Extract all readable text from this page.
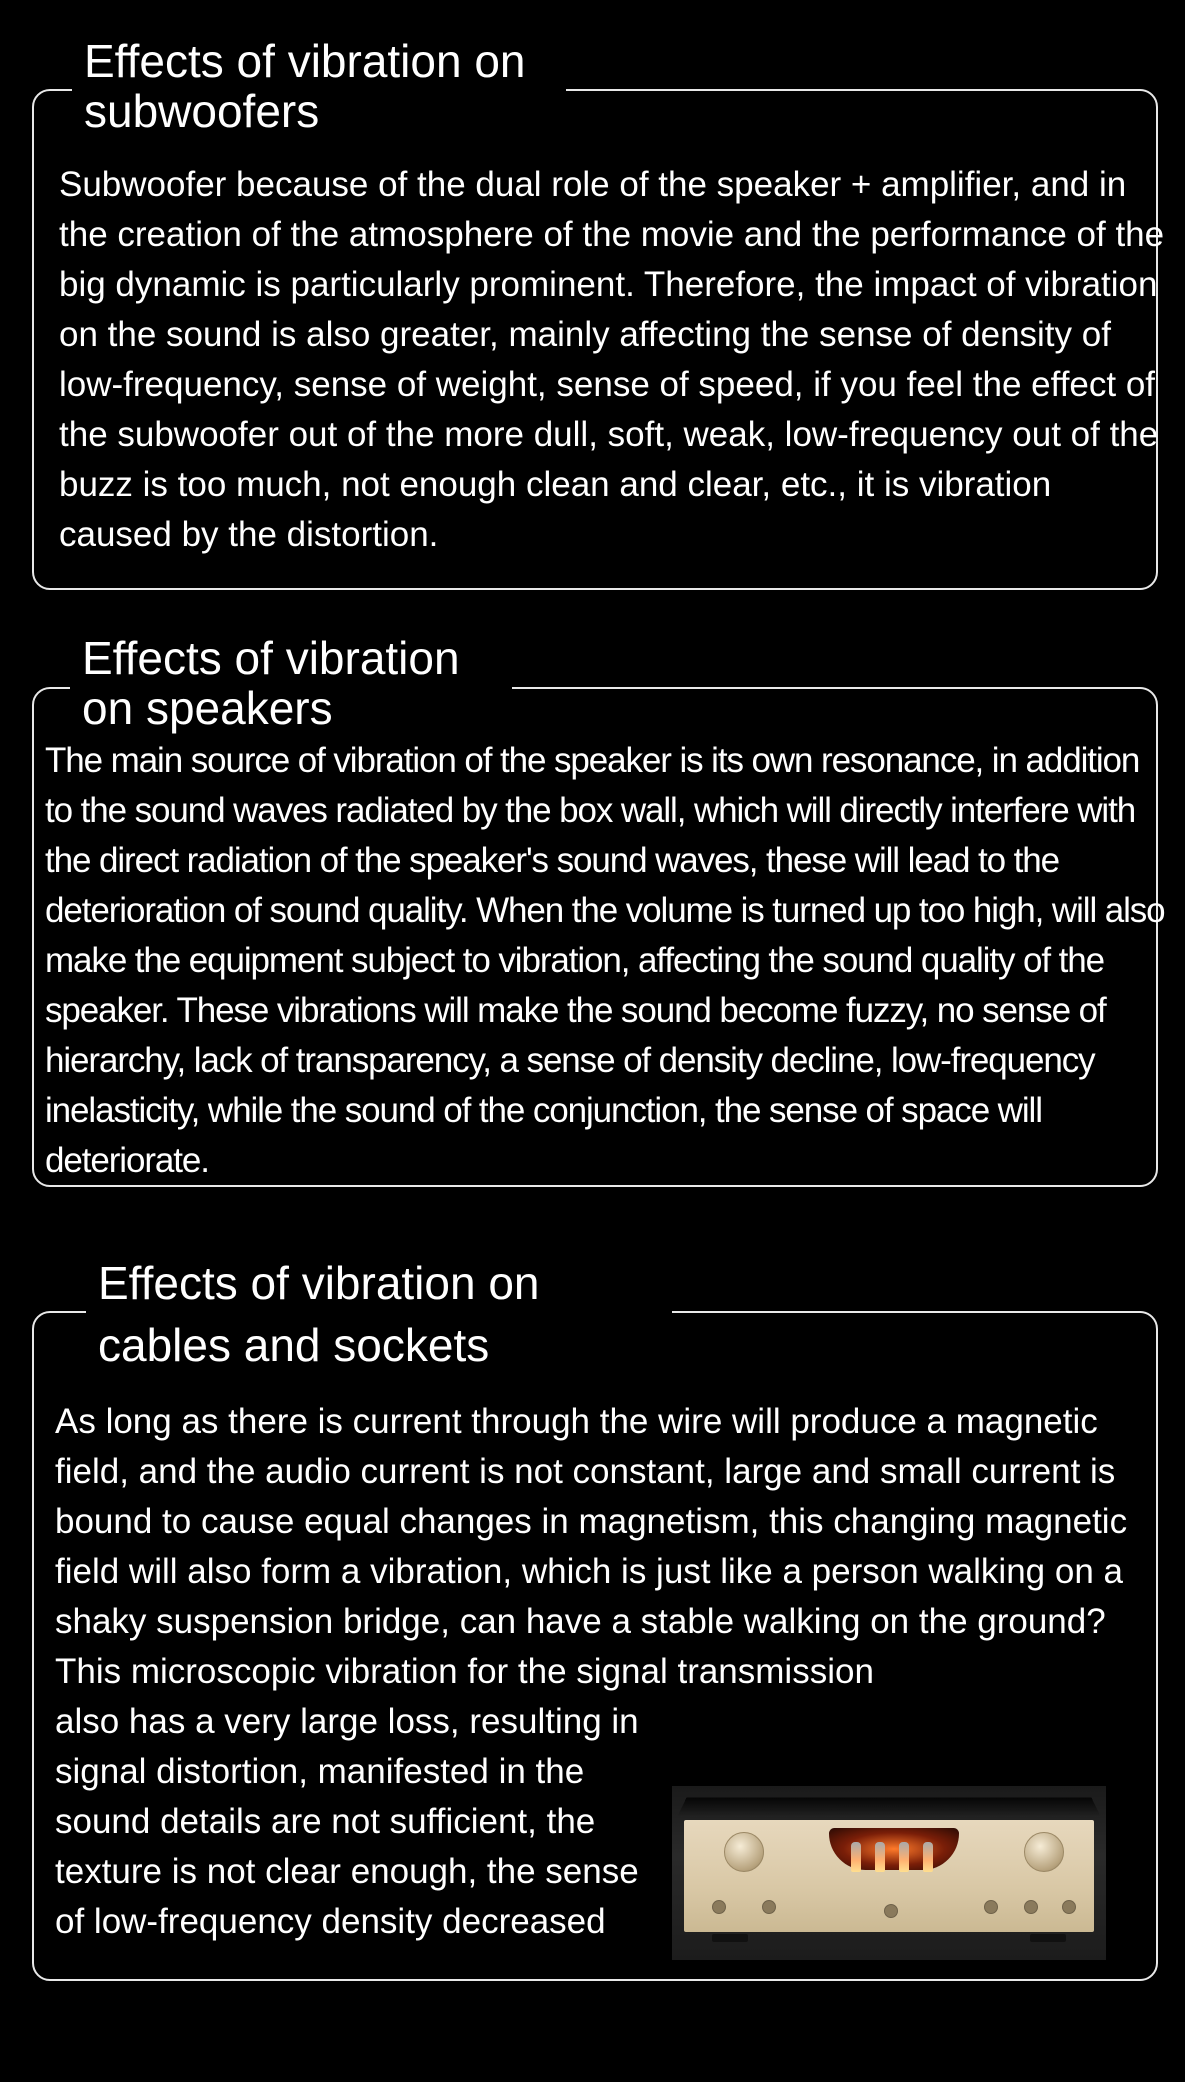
Effects of vibration on subwoofers

Subwoofer because of the dual role of the speaker + amplifier, and in the creation of the atmosphere of the movie and the performance of the big dynamic is particularly prominent. Therefore, the impact of vibration on the sound is also greater, mainly affecting the sense of density of low-frequency, sense of weight, sense of speed, if you feel the effect of the subwoofer out of the more dull, soft, weak, low-frequency out of the buzz is too much, not enough clean and clear, etc., it is vibration caused by the distortion.

Effects of vibration on speakers

The main source of vibration of the speaker is its own resonance, in addition to the sound waves radiated by the box wall, which will directly interfere with the direct radiation of the speaker's sound waves, these will lead to the deterioration of sound quality. When the volume is turned up too high, will also make the equipment subject to vibration, affecting the sound quality of the speaker. These vibrations will make the sound become fuzzy, no sense of hierarchy, lack of transparency, a sense of density decline, low-frequency inelasticity, while the sound of the conjunction, the sense of space will deteriorate.

Effects of vibration on cables and sockets

As long as there is current through the wire will produce a magnetic field, and the audio current is not constant, large and small current is bound to cause equal changes in magnetism, this changing magnetic field will also form a vibration, which is just like a person walking on a shaky suspension bridge, can have a stable walking on the ground? This microscopic vibration for the signal transmission

also has a very large loss, resulting in signal distortion, manifested in the sound details are not sufficient, the texture is not clear enough, the sense of low-frequency density decreased
